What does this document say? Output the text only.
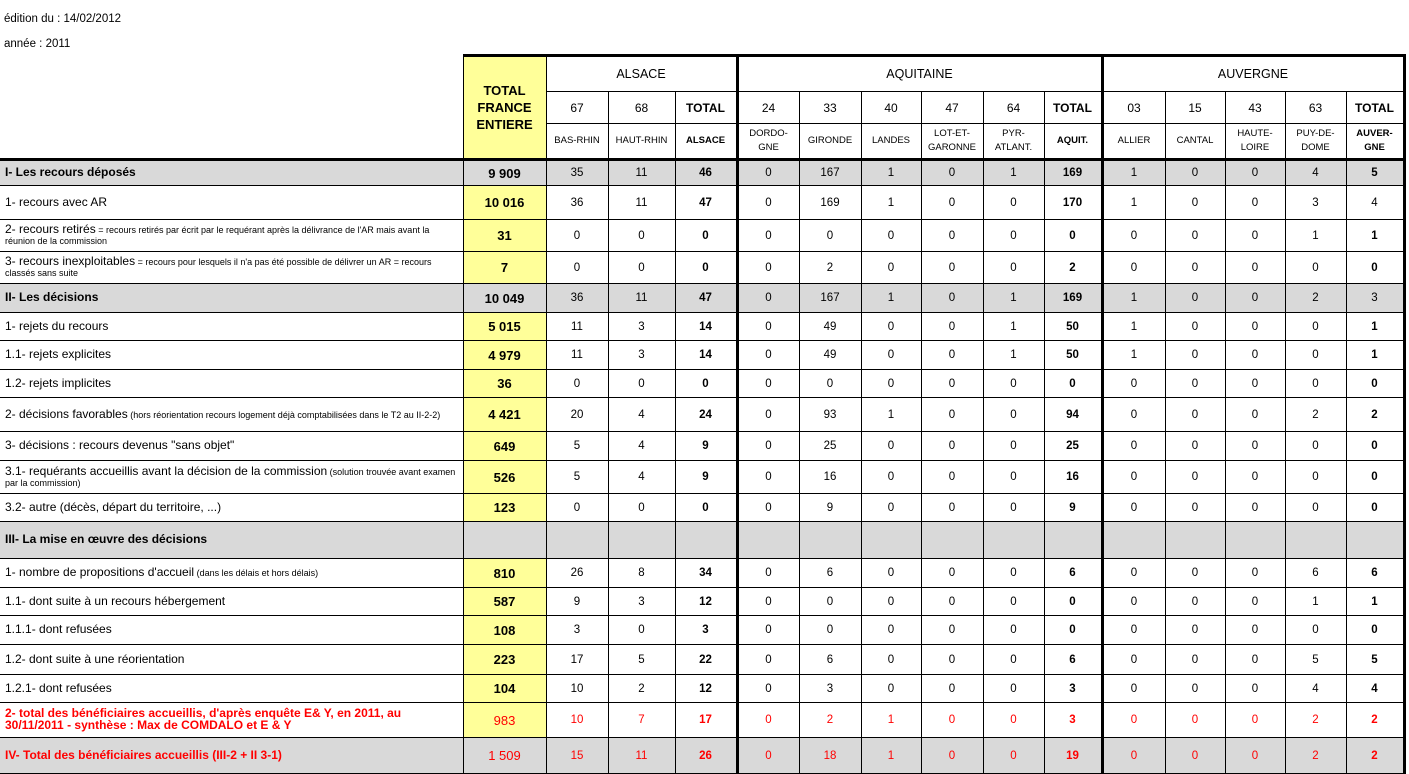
édition du : 14/02/2012
année : 2011
	TOTAL FRANCE ENTIERE	ALSACE			AQUITAINE						AUVERGNE				
		67	68	TOTAL	24	33	40	47	64	TOTAL	03	15	43	63	TOTAL
		BAS-RHIN	HAUT-RHIN	ALSACE	DORDO-GNE	GIRONDE	LANDES	LOT-ET-GARONNE	PYR-ATLANT.	AQUIT.	ALLIER	CANTAL	HAUTE-LOIRE	PUY-DE-DOME	AUVER-GNE
I- Les recours déposés	9 909	35	11	46	0	167	1	0	1	169	1	0	0	4	5
1- recours avec AR	10 016	36	11	47	0	169	1	0	0	170	1	0	0	3	4
2- recours retirés = recours retirés par écrit par le requérant après la délivrance de l'AR mais avant la réunion de la commission	31	0	0	0	0	0	0	0	0	0	0	0	0	1	1
3- recours inexploitables = recours pour lesquels il n'a pas été possible de délivrer un AR = recours classés sans suite	7	0	0	0	0	2	0	0	0	2	0	0	0	0	0
II- Les décisions	10 049	36	11	47	0	167	1	0	1	169	1	0	0	2	3
1- rejets du recours	5 015	11	3	14	0	49	0	0	1	50	1	0	0	0	1
1.1- rejets explicites	4 979	11	3	14	0	49	0	0	1	50	1	0	0	0	1
1.2- rejets implicites	36	0	0	0	0	0	0	0	0	0	0	0	0	0	0
2- décisions favorables (hors réorientation recours logement déjà comptabilisées dans le T2 au II-2-2)	4 421	20	4	24	0	93	1	0	0	94	0	0	0	2	2
3- décisions : recours devenus "sans objet"	649	5	4	9	0	25	0	0	0	25	0	0	0	0	0
3.1- requérants accueillis avant la décision de la commission (solution trouvée avant examen par la commission)	526	5	4	9	0	16	0	0	0	16	0	0	0	0	0
3.2- autre (décès, départ du territoire, ...)	123	0	0	0	0	9	0	0	0	9	0	0	0	0	0
III- La mise en œuvre des décisions															
1- nombre de propositions d'accueil (dans les délais et hors délais)	810	26	8	34	0	6	0	0	0	6	0	0	0	6	6
1.1- dont suite à un recours hébergement	587	9	3	12	0	0	0	0	0	0	0	0	0	1	1
1.1.1- dont refusées	108	3	0	3	0	0	0	0	0	0	0	0	0	0	0
1.2- dont suite à une réorientation	223	17	5	22	0	6	0	0	0	6	0	0	0	5	5
1.2.1- dont refusées	104	10	2	12	0	3	0	0	0	3	0	0	0	4	4
2- total des bénéficiaires accueillis, d'après enquête E& Y, en 2011, au 30/11/2011 - synthèse : Max de COMDALO et E & Y	983	10	7	17	0	2	1	0	0	3	0	0	0	2	2
IV- Total des bénéficiaires accueillis (III-2 + II 3-1)	1 509	15	11	26	0	18	1	0	0	19	0	0	0	2	2
